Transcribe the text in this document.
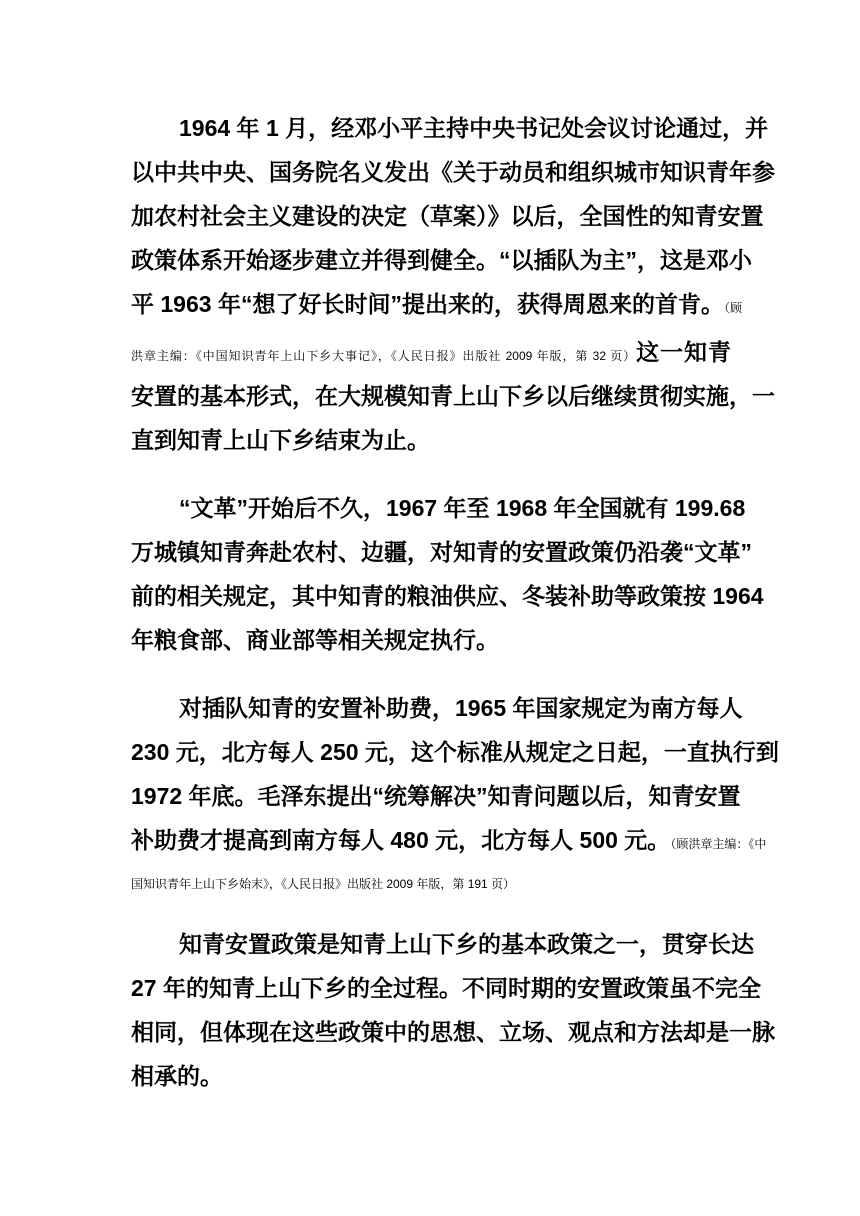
1964 年 1 月，经邓小平主持中央书记处会议讨论通过，并
以中共中央、国务院名义发出《关于动员和组织城市知识青年参
加农村社会主义建设的决定（草案）》以后，全国性的知青安置
政策体系开始逐步建立并得到健全。“以插队为主”，这是邓小
平 1963 年“想了好长时间”提出来的，获得周恩来的首肯。（顾
洪章主编：《中国知识青年上山下乡大事记》，《人民日报》出版社 2009 年版，第 32 页）这一知青
安置的基本形式，在大规模知青上山下乡以后继续贯彻实施，一
直到知青上山下乡结束为止。
“文革”开始后不久，1967 年至 1968 年全国就有 199.68
万城镇知青奔赴农村、边疆，对知青的安置政策仍沿袭“文革”
前的相关规定，其中知青的粮油供应、冬装补助等政策按 1964
年粮食部、商业部等相关规定执行。
对插队知青的安置补助费，1965 年国家规定为南方每人
230 元，北方每人 250 元，这个标准从规定之日起，一直执行到
1972 年底。毛泽东提出“统筹解决”知青问题以后，知青安置
补助费才提高到南方每人 480 元，北方每人 500 元。（顾洪章主编：《中
国知识青年上山下乡始末》，《人民日报》出版社 2009 年版，第 191 页）
知青安置政策是知青上山下乡的基本政策之一，贯穿长达
27 年的知青上山下乡的全过程。不同时期的安置政策虽不完全
相同，但体现在这些政策中的思想、立场、观点和方法却是一脉
相承的。
